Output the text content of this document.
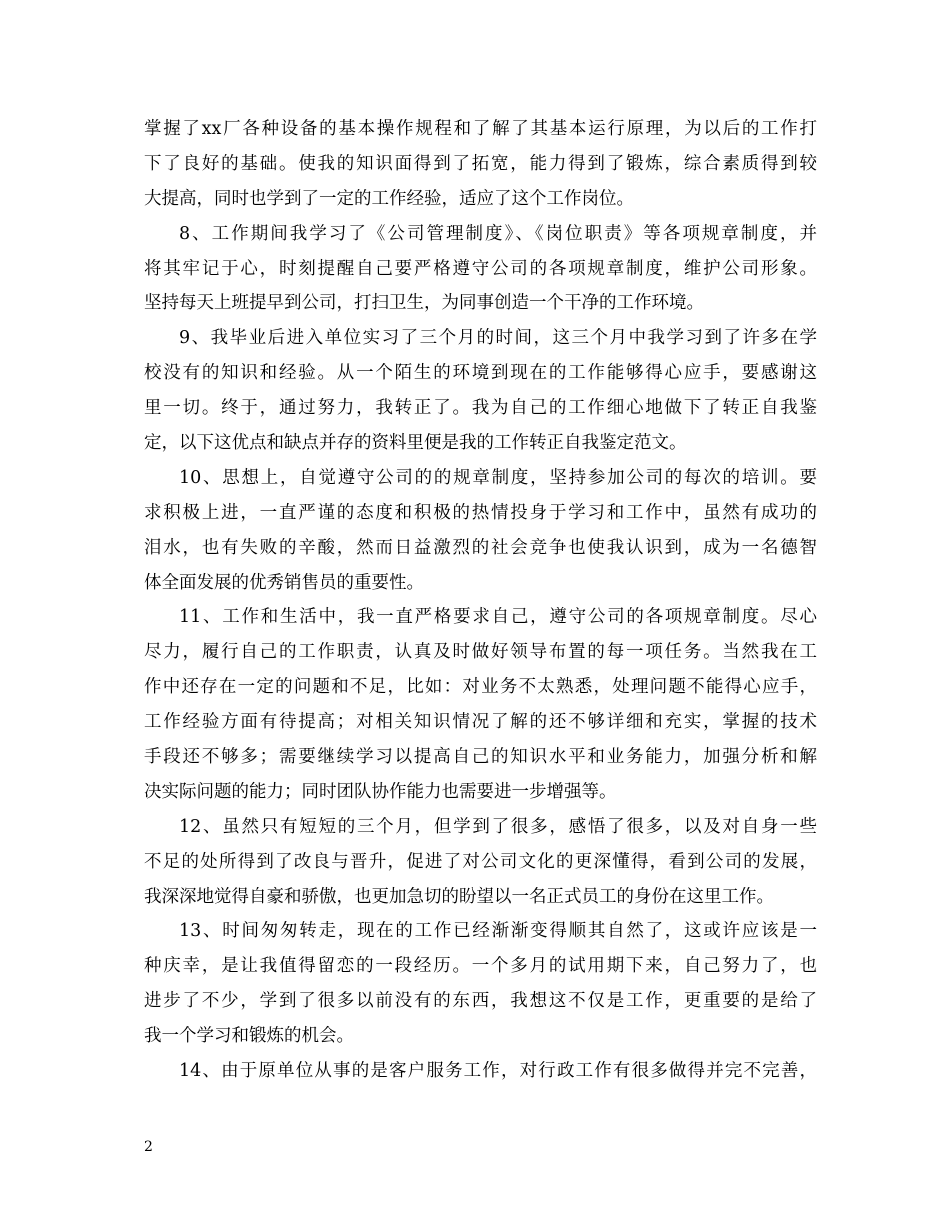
掌握了xx厂各种设备的基本操作规程和了解了其基本运行原理，为以后的工作打
下了良好的基础。使我的知识面得到了拓宽，能力得到了锻炼，综合素质得到较
大提高，同时也学到了一定的工作经验，适应了这个工作岗位。
8、工作期间我学习了《公司管理制度》、《岗位职责》等各项规章制度，并
将其牢记于心，时刻提醒自己要严格遵守公司的各项规章制度，维护公司形象。
坚持每天上班提早到公司，打扫卫生，为同事创造一个干净的工作环境。
9、我毕业后进入单位实习了三个月的时间，这三个月中我学习到了许多在学
校没有的知识和经验。从一个陌生的环境到现在的工作能够得心应手，要感谢这
里一切。终于，通过努力，我转正了。我为自己的工作细心地做下了转正自我鉴
定，以下这优点和缺点并存的资料里便是我的工作转正自我鉴定范文。
10、思想上，自觉遵守公司的的规章制度，坚持参加公司的每次的培训。要
求积极上进，一直严谨的态度和积极的热情投身于学习和工作中，虽然有成功的
泪水，也有失败的辛酸，然而日益激烈的社会竞争也使我认识到，成为一名德智
体全面发展的优秀销售员的重要性。
11、工作和生活中，我一直严格要求自己，遵守公司的各项规章制度。尽心
尽力，履行自己的工作职责，认真及时做好领导布置的每一项任务。当然我在工
作中还存在一定的问题和不足，比如：对业务不太熟悉，处理问题不能得心应手，
工作经验方面有待提高；对相关知识情况了解的还不够详细和充实，掌握的技术
手段还不够多；需要继续学习以提高自己的知识水平和业务能力，加强分析和解
决实际问题的能力；同时团队协作能力也需要进一步增强等。
12、虽然只有短短的三个月，但学到了很多，感悟了很多，以及对自身一些
不足的处所得到了改良与晋升，促进了对公司文化的更深懂得，看到公司的发展，
我深深地觉得自豪和骄傲，也更加急切的盼望以一名正式员工的身份在这里工作。
13、时间匆匆转走，现在的工作已经渐渐变得顺其自然了，这或许应该是一
种庆幸，是让我值得留恋的一段经历。一个多月的试用期下来，自己努力了，也
进步了不少，学到了很多以前没有的东西，我想这不仅是工作，更重要的是给了
我一个学习和锻炼的机会。
14、由于原单位从事的是客户服务工作，对行政工作有很多做得并完不完善，
2
